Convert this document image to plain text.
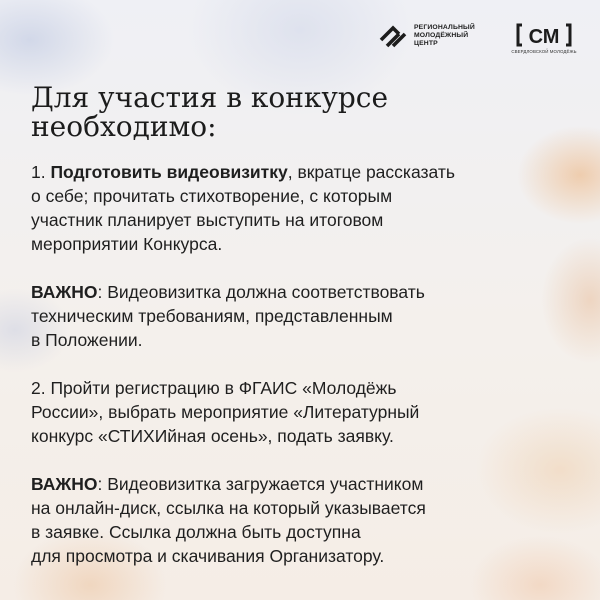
РЕГИОНАЛЬНЫЙ
МОЛОДЁЖНЫЙ
ЦЕНТР	СМ
СВЕРДЛОВСКОЙ МОЛОДЁЖЬ
Для участия в конкурсе
необходимо:

1. Подготовить видеовизитку, вкратце рассказать
о себе; прочитать стихотворение, с которым
участник планирует выступить на итоговом
мероприятии Конкурса.

ВАЖНО: Видеовизитка должна соответствовать
техническим требованиям, представленным
в Положении.

2. Пройти регистрацию в ФГАИС «Молодёжь
России», выбрать мероприятие «Литературный
конкурс «СТИХИйная осень», подать заявку.

ВАЖНО: Видеовизитка загружается участником
на онлайн-диск, ссылка на который указывается
в заявке. Ссылка должна быть доступна
для просмотра и скачивания Организатору.
